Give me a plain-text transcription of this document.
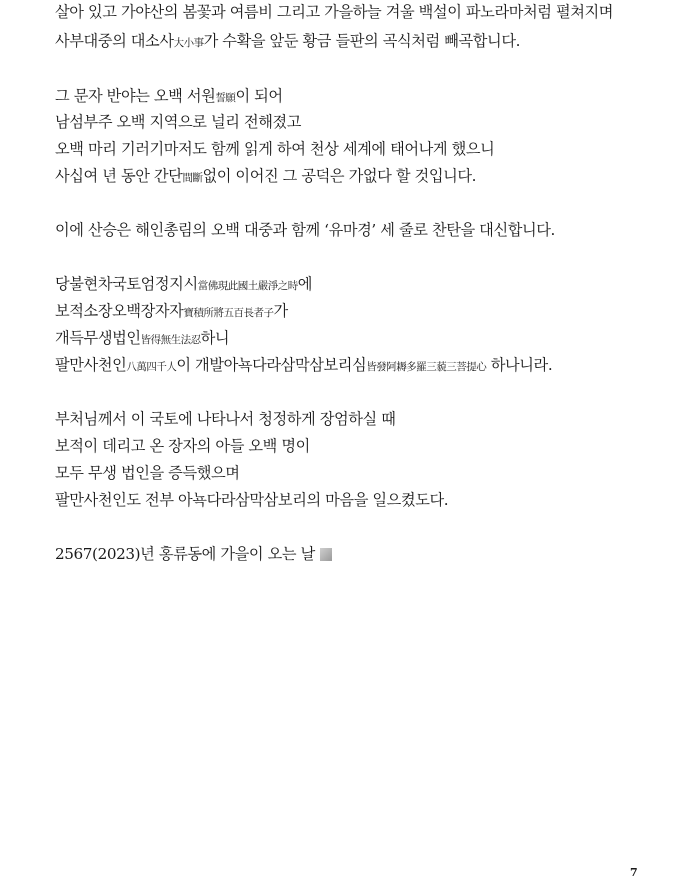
살아 있고 가야산의 봄꽃과 여름비 그리고 가을하늘 겨울 백설이 파노라마처럼 펼쳐지며
사부대중의 대소사大小事가 수확을 앞둔 황금 들판의 곡식처럼 빼곡합니다.
그 문자 반야는 오백 서원誓願이 되어
남섬부주 오백 지역으로 널리 전해졌고
오백 마리 기러기마저도 함께 읽게 하여 천상 세계에 태어나게 했으니
사십여 년 동안 간단間斷없이 이어진 그 공덕은 가없다 할 것입니다.
이에 산승은 해인총림의 오백 대중과 함께 ‘유마경’ 세 줄로 찬탄을 대신합니다.
당불현차국토엄정지시當佛現此國土嚴淨之時에
보적소장오백장자자寶積所將五百長者子가
개득무생법인皆得無生法忍하니
팔만사천인八萬四千人이 개발아뇩다라삼막삼보리심皆發阿耨多羅三藐三菩提心 하나니라.
부처님께서 이 국토에 나타나서 청정하게 장엄하실 때
보적이 데리고 온 장자의 아들 오백 명이
모두 무생 법인을 증득했으며
팔만사천인도 전부 아뇩다라삼막삼보리의 마음을 일으켰도다.
2567(2023)년 홍류동에 가을이 오는 날
7
